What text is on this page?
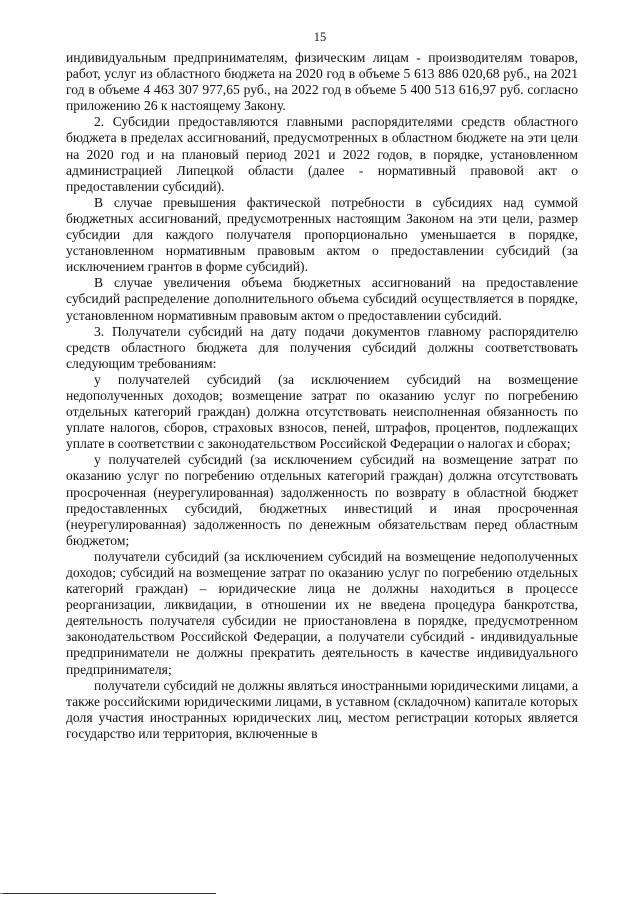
15

индивидуальным предпринимателям, физическим лицам - производителям товаров, работ, услуг из областного бюджета на 2020 год в объеме 5 613 886 020,68 руб., на 2021 год в объеме 4 463 307 977,65 руб., на 2022 год в объеме 5 400 513 616,97 руб. согласно приложению 26 к настоящему Закону.

2. Субсидии предоставляются главными распорядителями средств областного бюджета в пределах ассигнований, предусмотренных в областном бюджете на эти цели на 2020 год и на плановый период 2021 и 2022 годов, в порядке, установленном администрацией Липецкой области (далее - нормативный правовой акт о предоставлении субсидий).

В случае превышения фактической потребности в субсидиях над суммой бюджетных ассигнований, предусмотренных настоящим Законом на эти цели, размер субсидии для каждого получателя пропорционально уменьшается в порядке, установленном нормативным правовым актом о предоставлении субсидий (за исключением грантов в форме субсидий).

В случае увеличения объема бюджетных ассигнований на предоставление субсидий распределение дополнительного объема субсидий осуществляется в порядке, установленном нормативным правовым актом о предоставлении субсидий.

3. Получатели субсидий на дату подачи документов главному распорядителю средств областного бюджета для получения субсидий должны соответствовать следующим требованиям:

у получателей субсидий (за исключением субсидий на возмещение недополученных доходов; возмещение затрат по оказанию услуг по погребению отдельных категорий граждан) должна отсутствовать неисполненная обязанность по уплате налогов, сборов, страховых взносов, пеней, штрафов, процентов, подлежащих уплате в соответствии с законодательством Российской Федерации о налогах и сборах;

у получателей субсидий (за исключением субсидий на возмещение затрат по оказанию услуг по погребению отдельных категорий граждан) должна отсутствовать просроченная (неурегулированная) задолженность по возврату в областной бюджет предоставленных субсидий, бюджетных инвестиций и иная просроченная (неурегулированная) задолженность по денежным обязательствам перед областным бюджетом;

получатели субсидий (за исключением субсидий на возмещение недополученных доходов; субсидий на возмещение затрат по оказанию услуг по погребению отдельных категорий граждан) – юридические лица не должны находиться в процессе реорганизации, ликвидации, в отношении их не введена процедура банкротства, деятельность получателя субсидии не приостановлена в порядке, предусмотренном законодательством Российской Федерации, а получатели субсидий - индивидуальные предприниматели не должны прекратить деятельность в качестве индивидуального предпринимателя;

получатели субсидий не должны являться иностранными юридическими лицами, а также российскими юридическими лицами, в уставном (складочном) капитале которых доля участия иностранных юридических лиц, местом регистрации которых является государство или территория, включенные в
